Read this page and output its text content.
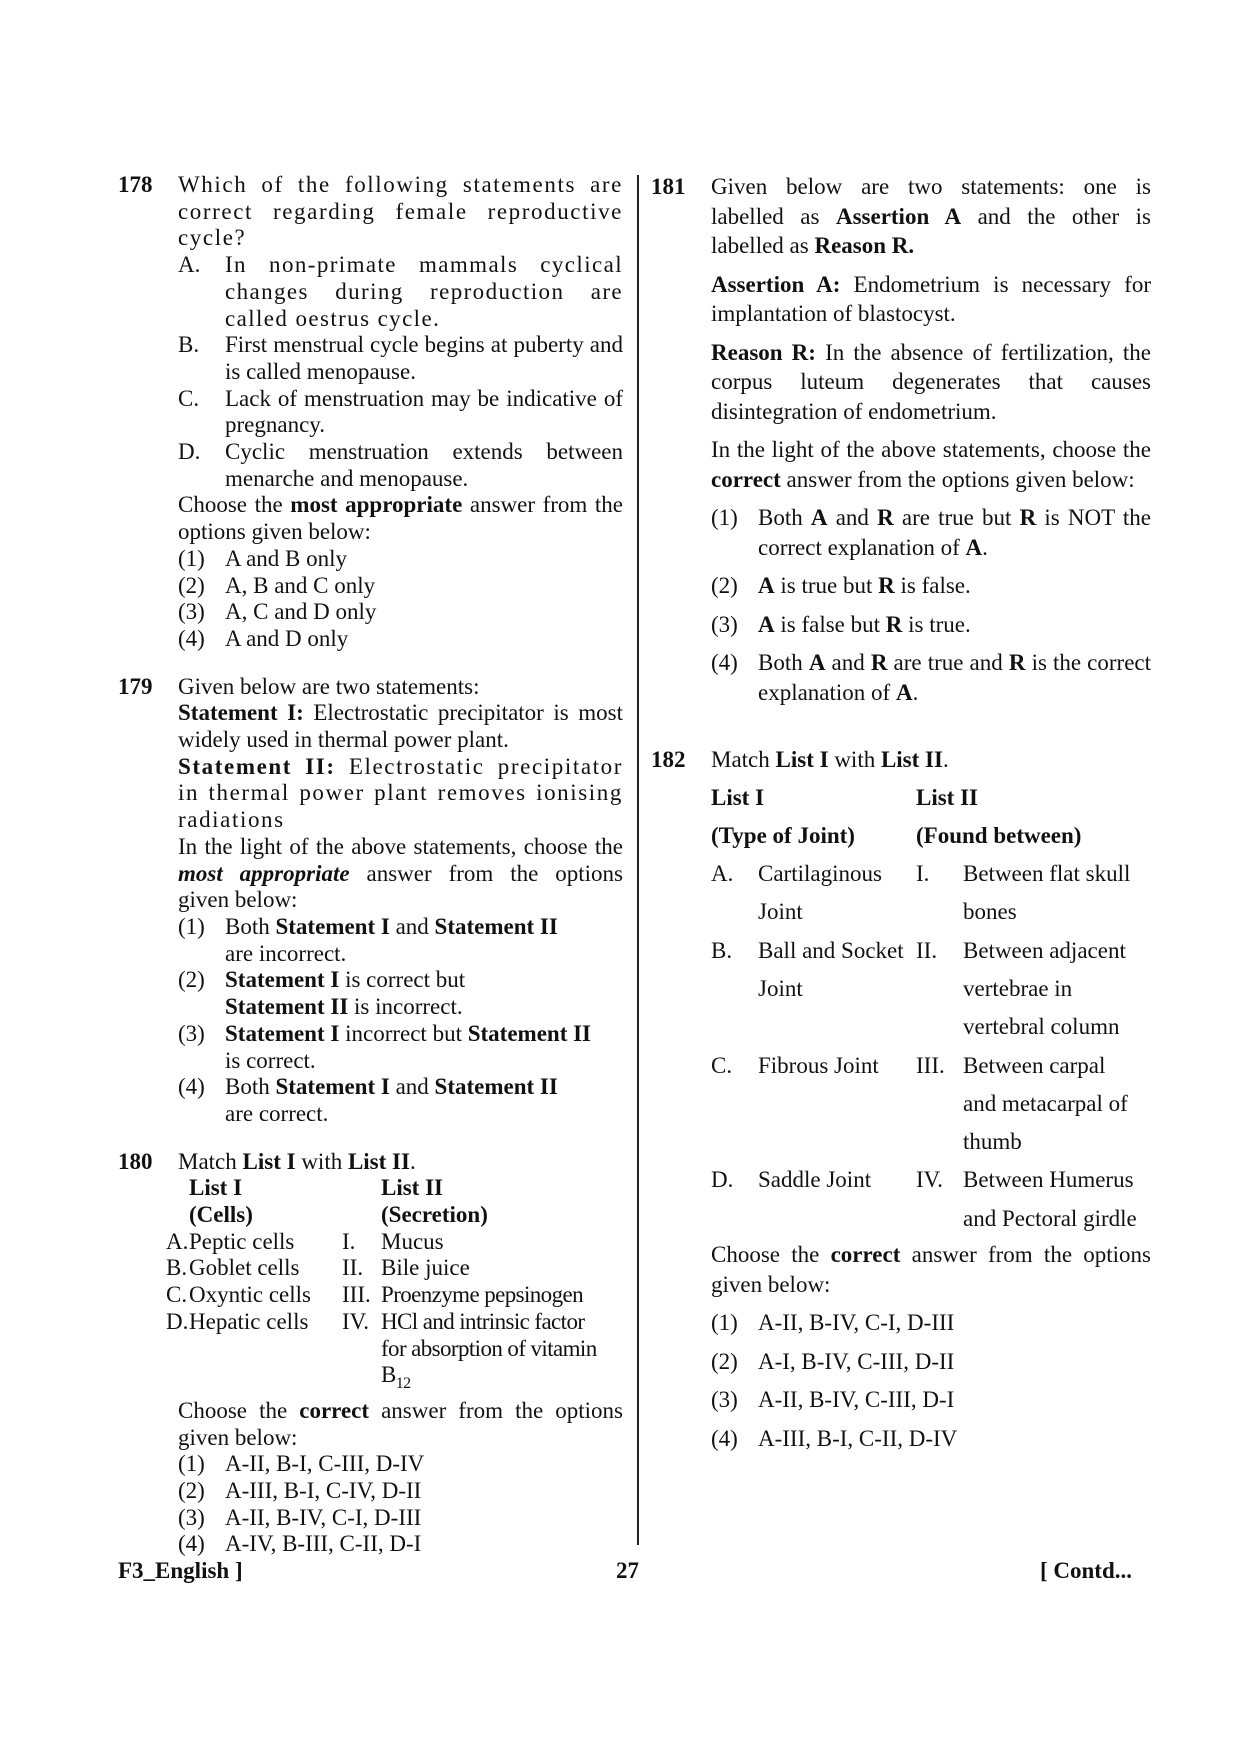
178 Which of the following statements are correct regarding female reproductive cycle?
A.	In non-primate mammals cyclical changes during reproduction are called oestrus cycle.
B.	First menstrual cycle begins at puberty and is called menopause.
C.	Lack of menstruation may be indicative of pregnancy.
D.	Cyclic menstruation extends between menarche and menopause.
Choose the most appropriate answer from the options given below:
(1) A and B only
(2) A, B and C only
(3) A, C and D only
(4) A and D only
179 Given below are two statements:
Statement I: Electrostatic precipitator is most widely used in thermal power plant.
Statement II: Electrostatic precipitator in thermal power plant removes ionising radiations
In the light of the above statements, choose the most appropriate answer from the options given below:
(1) Both Statement I and Statement II
are incorrect.
(2) Statement I is correct but
Statement II is incorrect.
(3) Statement I incorrect but Statement II
is correct.
(4) Both Statement I and Statement II
are correct.
180 Match List I with List II.
	List I		List II
	(Cells)		(Secretion)
A.	Peptic cells	I.	Mucus
B.	Goblet cells	II.	Bile juice
C.	Oxyntic cells	III.	Proenzyme pepsinogen
D.	Hepatic cells	IV.	HCl and intrinsic factor for absorption of vitamin $B_{12}$
Choose the correct answer from the options given below:
(1) A-II, B-I, C-III, D-IV
(2) A-III, B-I, C-IV, D-II
(3) A-II, B-IV, C-I, D-III
(4) A-IV, B-III, C-II, D-I
181 Given below are two statements: one is labelled as Assertion A and the other is labelled as Reason R.
Assertion A: Endometrium is necessary for implantation of blastocyst.
Reason R: In the absence of fertilization, the corpus luteum degenerates that causes disintegration of endometrium.
In the light of the above statements, choose the correct answer from the options given below:
(1) Both A and R are true but R is NOT the correct explanation of A.
(2) A is true but R is false.
(3) A is false but R is true.
(4) Both A and R are true and R is the correct explanation of A.
182 Match List I with List II.
List I		List II	
(Type of Joint)		(Found between)	
A.	Cartilaginous Joint	I.	Between flat skull bones
B.	Ball and Socket Joint	II.	Between adjacent vertebrae in vertebral column
C.	Fibrous Joint	III.	Between carpal and metacarpal of thumb
D.	Saddle Joint	IV.	Between Humerus and Pectoral girdle
Choose the correct answer from the options given below:
(1) A-II, B-IV, C-I, D-III
(2) A-I, B-IV, C-III, D-II
(3) A-II, B-IV, C-III, D-I
(4) A-III, B-I, C-II, D-IV
F3_English ]	27	[ Contd...
